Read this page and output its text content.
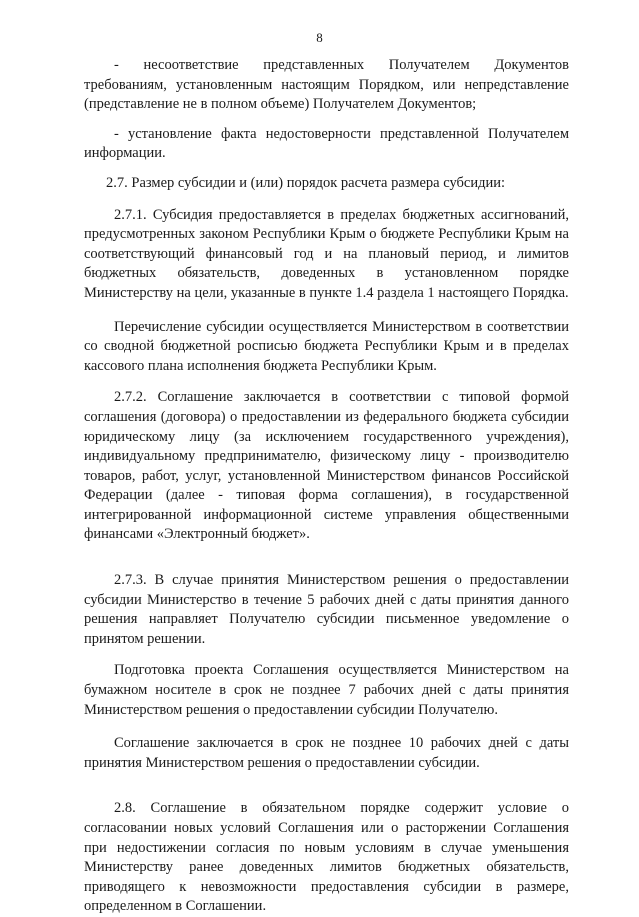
8

- несоответствие представленных Получателем Документов требованиям, установленным настоящим Порядком, или непредставление (представление не в полном объеме) Получателем Документов;

- установление факта недостоверности представленной Получателем информации.

2.7. Размер субсидии и (или) порядок расчета размера субсидии:

2.7.1. Субсидия предоставляется в пределах бюджетных ассигнований, предусмотренных законом Республики Крым о бюджете Республики Крым на соответствующий финансовый год и на плановый период, и лимитов бюджетных обязательств, доведенных в установленном порядке Министерству на цели, указанные в пункте 1.4 раздела 1 настоящего Порядка.

Перечисление субсидии осуществляется Министерством в соответствии со сводной бюджетной росписью бюджета Республики Крым и в пределах кассового плана исполнения бюджета Республики Крым.

2.7.2. Соглашение заключается в соответствии с типовой формой соглашения (договора) о предоставлении из федерального бюджета субсидии юридическому лицу (за исключением государственного учреждения), индивидуальному предпринимателю, физическому лицу - производителю товаров, работ, услуг, установленной Министерством финансов Российской Федерации (далее - типовая форма соглашения), в государственной интегрированной информационной системе управления общественными финансами «Электронный бюджет».

2.7.3. В случае принятия Министерством решения о предоставлении субсидии Министерство в течение 5 рабочих дней с даты принятия данного решения направляет Получателю субсидии письменное уведомление о принятом решении.

Подготовка проекта Соглашения осуществляется Министерством на бумажном носителе в срок не позднее 7 рабочих дней с даты принятия Министерством решения о предоставлении субсидии Получателю.

Соглашение заключается в срок не позднее 10 рабочих дней с даты принятия Министерством решения о предоставлении субсидии.

2.8. Соглашение в обязательном порядке содержит условие о согласовании новых условий Соглашения или о расторжении Соглашения при недостижении согласия по новым условиям в случае уменьшения Министерству ранее доведенных лимитов бюджетных обязательств, приводящего к невозможности предоставления субсидии в размере, определенном в Соглашении.
